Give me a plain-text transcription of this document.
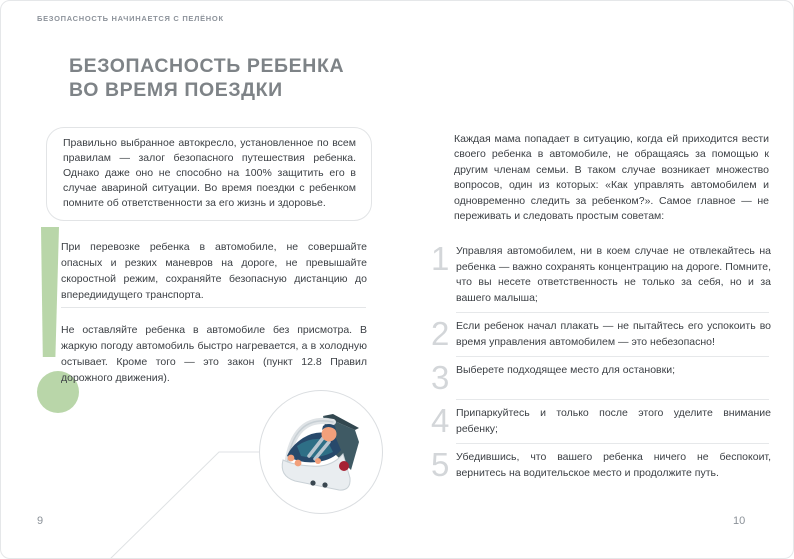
БЕЗОПАСНОСТЬ НАЧИНАЕТСЯ С ПЕЛЁНОК
БЕЗОПАСНОСТЬ РЕБЕНКА
ВО ВРЕМЯ ПОЕЗДКИ

Правильно выбранное автокресло, установленное по всем правилам — залог безопасного путешествия ребенка. Однако даже оно не способно на 100% защитить его в случае авариной ситуации. Во время поездки с ребенком помните об ответственности за его жизнь и здоровье.

При перевозке ребенка в автомобиле, не совершайте опасных и резких маневров на дороге, не превышайте скоростной режим, сохраняйте безопасную дистанцию до впередиидущего транспорта.

Не оставляйте ребенка в автомобиле без присмотра. В жаркую погоду автомобиль быстро нагревается, а в холодную остывает. Кроме того — это закон (пункт 12.8 Правил дорожного движения).

9

Каждая мама попадает в ситуацию, когда ей приходится вести своего ребенка в автомобиле, не обращаясь за помощью к другим членам семьи. В таком случае возникает множество вопросов, один из которых: «Как управлять автомобилем и одновременно следить за ребенком?». Самое главное — не переживать и следовать простым советам:

1 Управляя автомобилем, ни в коем случае не отвлекайтесь на ребенка — важно сохранять концентрацию на дороге. Помните, что вы несете ответственность не только за себя, но и за вашего малыша;

2 Если ребенок начал плакать — не пытайтесь его успокоить во время управления автомобилем — это небезопасно!

3 Выберете подходящее место для остановки;

4 Припаркуйтесь и только после этого уделите внимание ребенку;

5 Убедившись, что вашего ребенка ничего не беспокоит, вернитесь на водительское место и продолжите путь.

10
